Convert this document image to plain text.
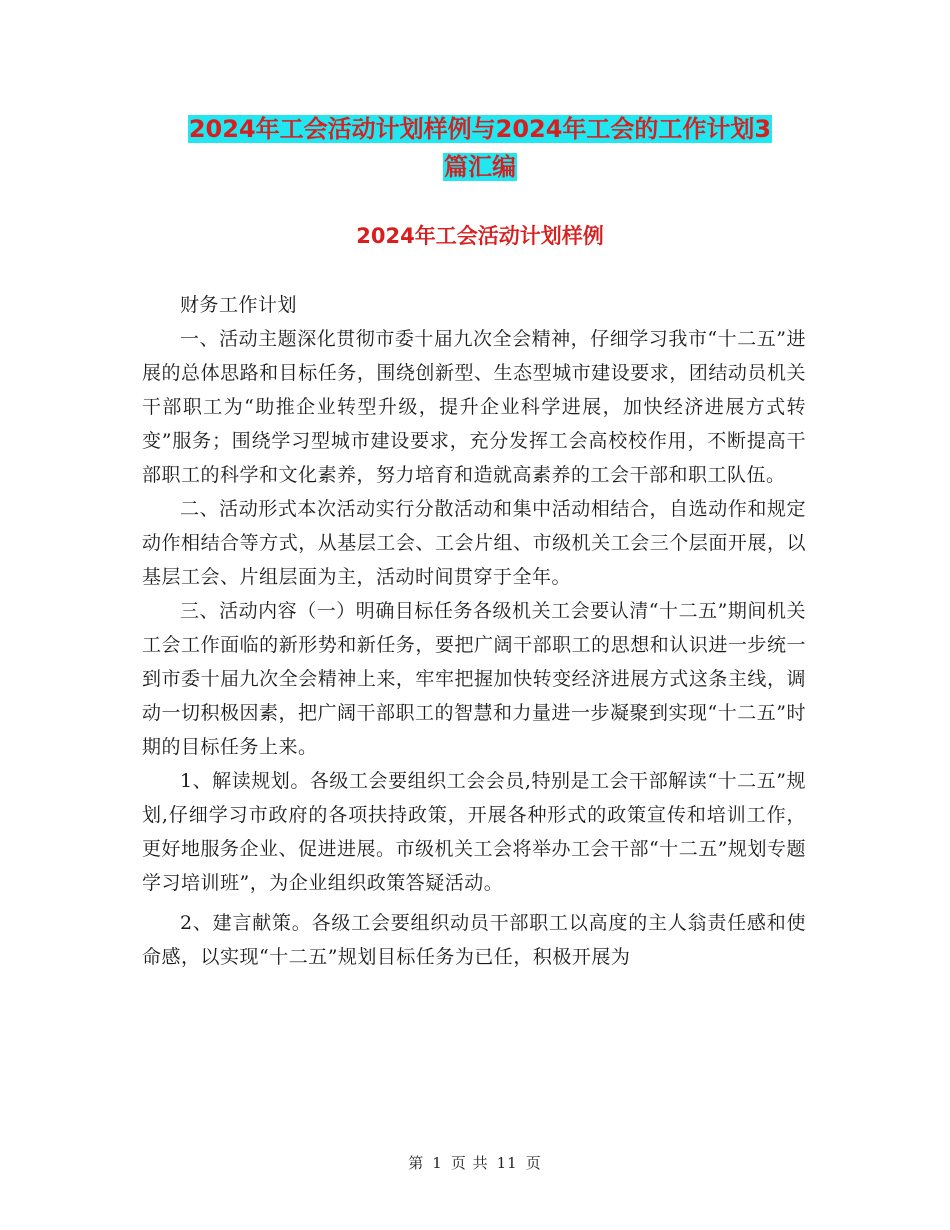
2024年工会活动计划样例与2024年工会的工作计划3
篇汇编
2024年工会活动计划样例

财务工作计划

一、活动主题深化贯彻市委十届九次全会精神，仔细学习我市“十二五”进展的总体思路和目标任务，围绕创新型、生态型城市建设要求，团结动员机关干部职工为“助推企业转型升级，提升企业科学进展，加快经济进展方式转变”服务；围绕学习型城市建设要求，充分发挥工会高校校作用，不断提高干部职工的科学和文化素养，努力培育和造就高素养的工会干部和职工队伍。

二、活动形式本次活动实行分散活动和集中活动相结合，自选动作和规定动作相结合等方式，从基层工会、工会片组、市级机关工会三个层面开展，以基层工会、片组层面为主，活动时间贯穿于全年。

三、活动内容（一）明确目标任务各级机关工会要认清“十二五”期间机关工会工作面临的新形势和新任务，要把广阔干部职工的思想和认识进一步统一到市委十届九次全会精神上来，牢牢把握加快转变经济进展方式这条主线，调动一切积极因素，把广阔干部职工的智慧和力量进一步凝聚到实现“十二五”时期的目标任务上来。

1、解读规划。各级工会要组织工会会员,特别是工会干部解读“十二五”规划,仔细学习市政府的各项扶持政策，开展各种形式的政策宣传和培训工作，更好地服务企业、促进进展。市级机关工会将举办工会干部“十二五”规划专题学习培训班”，为企业组织政策答疑活动。

2、建言献策。各级工会要组织动员干部职工以高度的主人翁责任感和使命感，以实现“十二五”规划目标任务为已任，积极开展为

第 1 页 共 11 页
